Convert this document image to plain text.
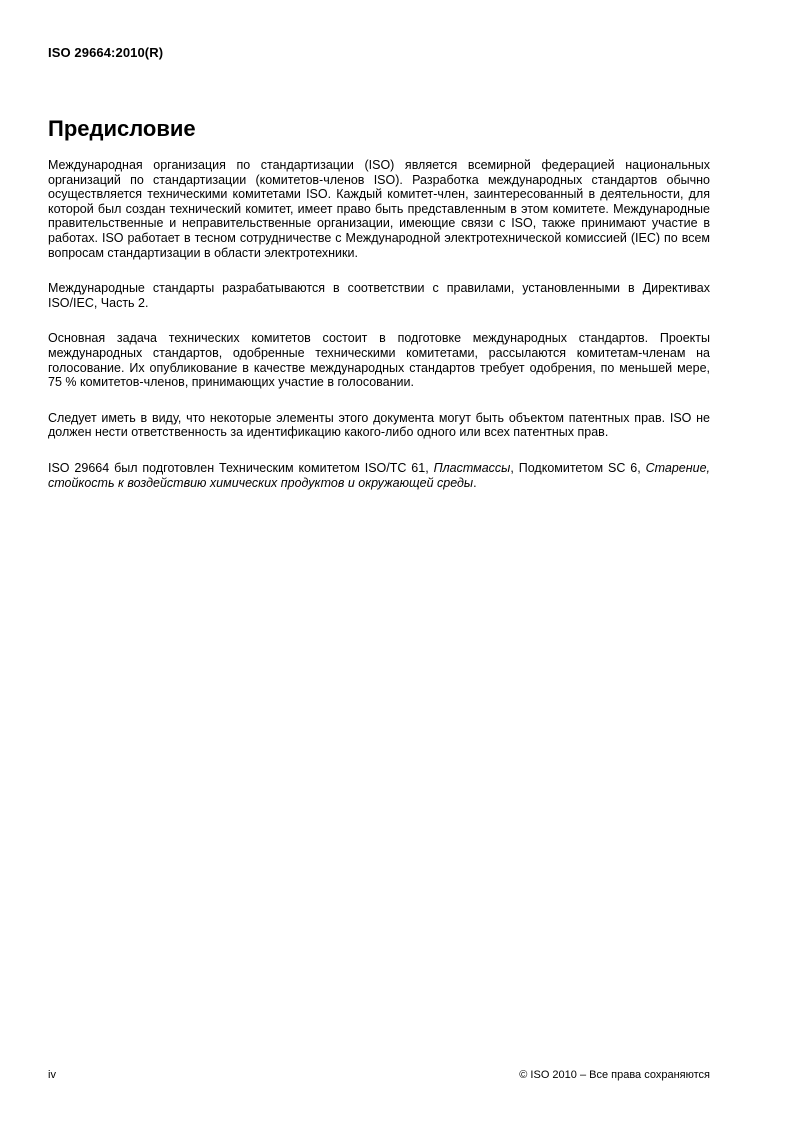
ISO 29664:2010(R)
Предисловие

Международная организация по стандартизации (ISO) является всемирной федерацией национальных организаций по стандартизации (комитетов-членов ISO). Разработка международных стандартов обычно осуществляется техническими комитетами ISO. Каждый комитет-член, заинтересованный в деятельности, для которой был создан технический комитет, имеет право быть представленным в этом комитете. Международные правительственные и неправительственные организации, имеющие связи с ISO, также принимают участие в работах. ISO работает в тесном сотрудничестве с Международной электротехнической комиссией (IEC) по всем вопросам стандартизации в области электротехники.

Международные стандарты разрабатываются в соответствии с правилами, установленными в Директивах ISO/IEC, Часть 2.

Основная задача технических комитетов состоит в подготовке международных стандартов. Проекты международных стандартов, одобренные техническими комитетами, рассылаются комитетам-членам на голосование. Их опубликование в качестве международных стандартов требует одобрения, по меньшей мере, 75 % комитетов-членов, принимающих участие в голосовании.

Следует иметь в виду, что некоторые элементы этого документа могут быть объектом патентных прав. ISO не должен нести ответственность за идентификацию какого-либо одного или всех патентных прав.

ISO 29664 был подготовлен Техническим комитетом ISO/TC 61, Пластмассы, Подкомитетом SC 6, Старение, стойкость к воздействию химических продуктов и окружающей среды.

iv	© ISO 2010 – Все права сохраняются
